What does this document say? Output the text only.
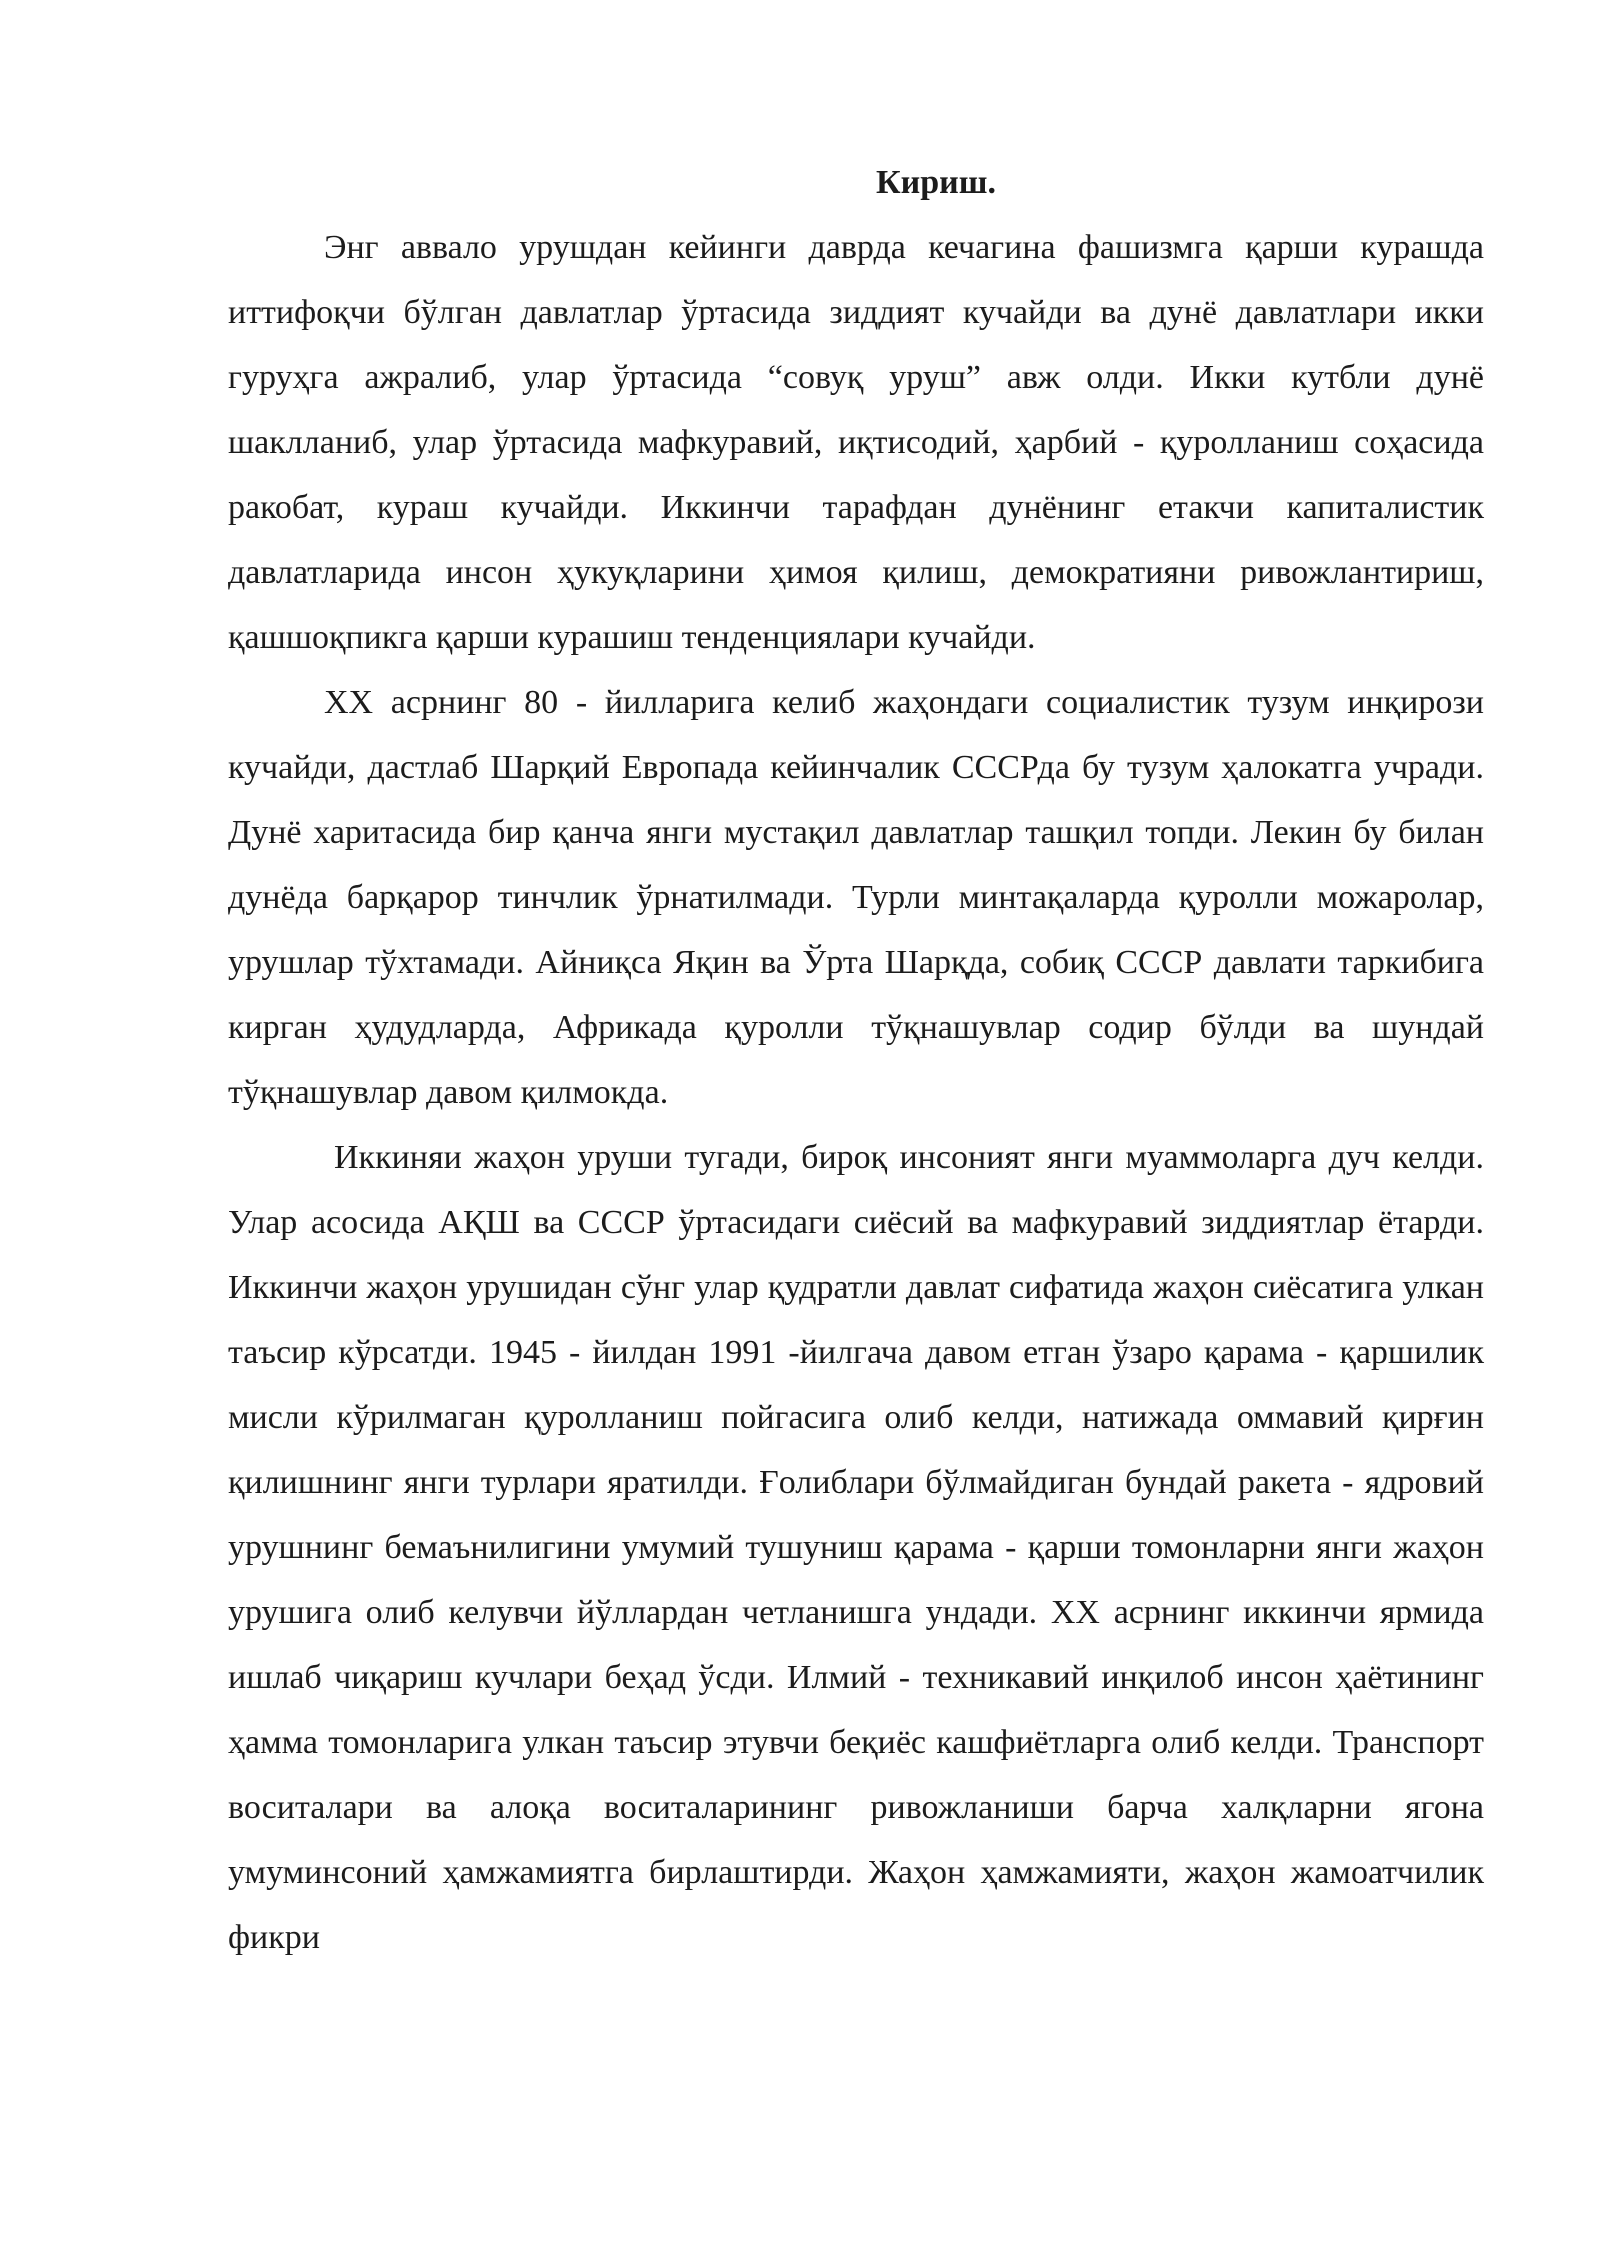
Кириш.

Энг аввало урушдан кейинги даврда кечагина фашизмга қарши курашда иттифоқчи бўлган давлатлар ўртасида зиддият кучайди ва дунё давлатлари икки гуруҳга ажралиб, улар ўртасида “совуқ уруш” авж олди. Икки кутбли дунё шаклланиб, улар ўртасида мафкуравий, иқтисодий, ҳарбий - қуролланиш соҳасида ракобат, кураш кучайди. Иккинчи тарафдан дунёнинг етакчи капиталистик давлатларида инсон ҳукуқларини ҳимоя қилиш, демократияни ривожлантириш, қашшоқпикга қарши курашиш тенденциялари кучайди.

XX асрнинг 80 - йилларига келиб жаҳондаги социалистик тузум инқирози кучайди, дастлаб Шарқий Европада кейинчалик СССРда бу тузум ҳалокатга учради. Дунё харитасида бир қанча янги мустақил давлатлар ташқил топди. Лекин бу билан дунёда барқарор тинчлик ўрнатилмади. Турли минтақаларда қуролли можаролар, урушлар тўхтамади. Айниқса Яқин ва Ўрта Шарқда, собиқ СССР давлати таркибига кирган ҳудудларда, Африкада қуролли тўқнашувлар содир бўлди ва шундай тўқнашувлар давом қилмокда.

Иккиняи жаҳон уруши тугади, бироқ инсоният янги муаммоларга дуч келди. Улар асосида АҚШ ва СССР ўртасидаги сиёсий ва мафкуравий зиддиятлар ётарди. Иккинчи жаҳон урушидан сўнг улар қудратли давлат сифатида жаҳон сиёсатига улкан таъсир кўрсатди. 1945 - йилдан 1991 -йилгача давом етган ўзаро қарама - қаршилик мисли кўрилмаган қуролланиш пойгасига олиб келди, натижада оммавий қирғин қилишнинг янги турлари яратилди. Ғолиблари бўлмайдиган бундай ракета - ядровий урушнинг бемаънилигини умумий тушуниш қарама - қарши томонларни янги жаҳон урушига олиб келувчи йўллардан четланишга ундади. XX асрнинг иккинчи ярмида ишлаб чиқариш кучлари беҳад ўсди. Илмий - техникавий инқилоб инсон ҳаётининг ҳамма томонларига улкан таъсир этувчи беқиёс кашфиётларга олиб келди. Транспорт воситалари ва алоқа воситаларининг ривожланиши барча халқларни ягона умуминсоний ҳамжамиятга бирлаштирди. Жаҳон ҳамжамияти, жаҳон жамоатчилик фикри
